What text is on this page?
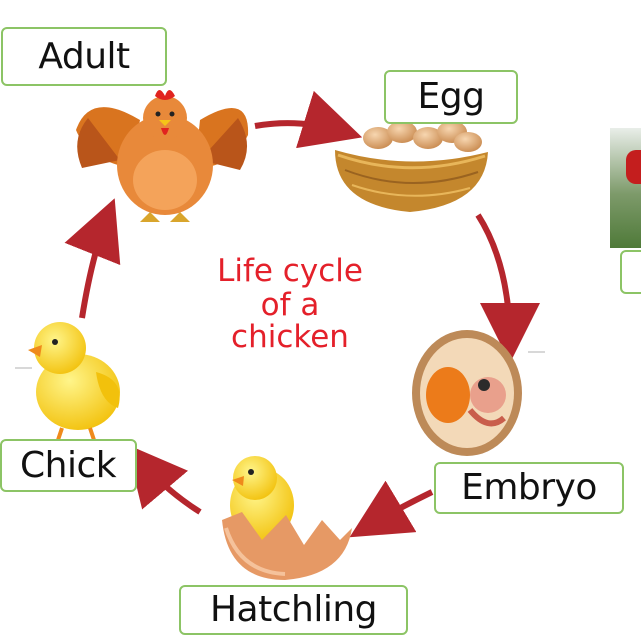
Life cycle
of a
chicken
Adult
Egg
Embryo
Chick
Hatchling
